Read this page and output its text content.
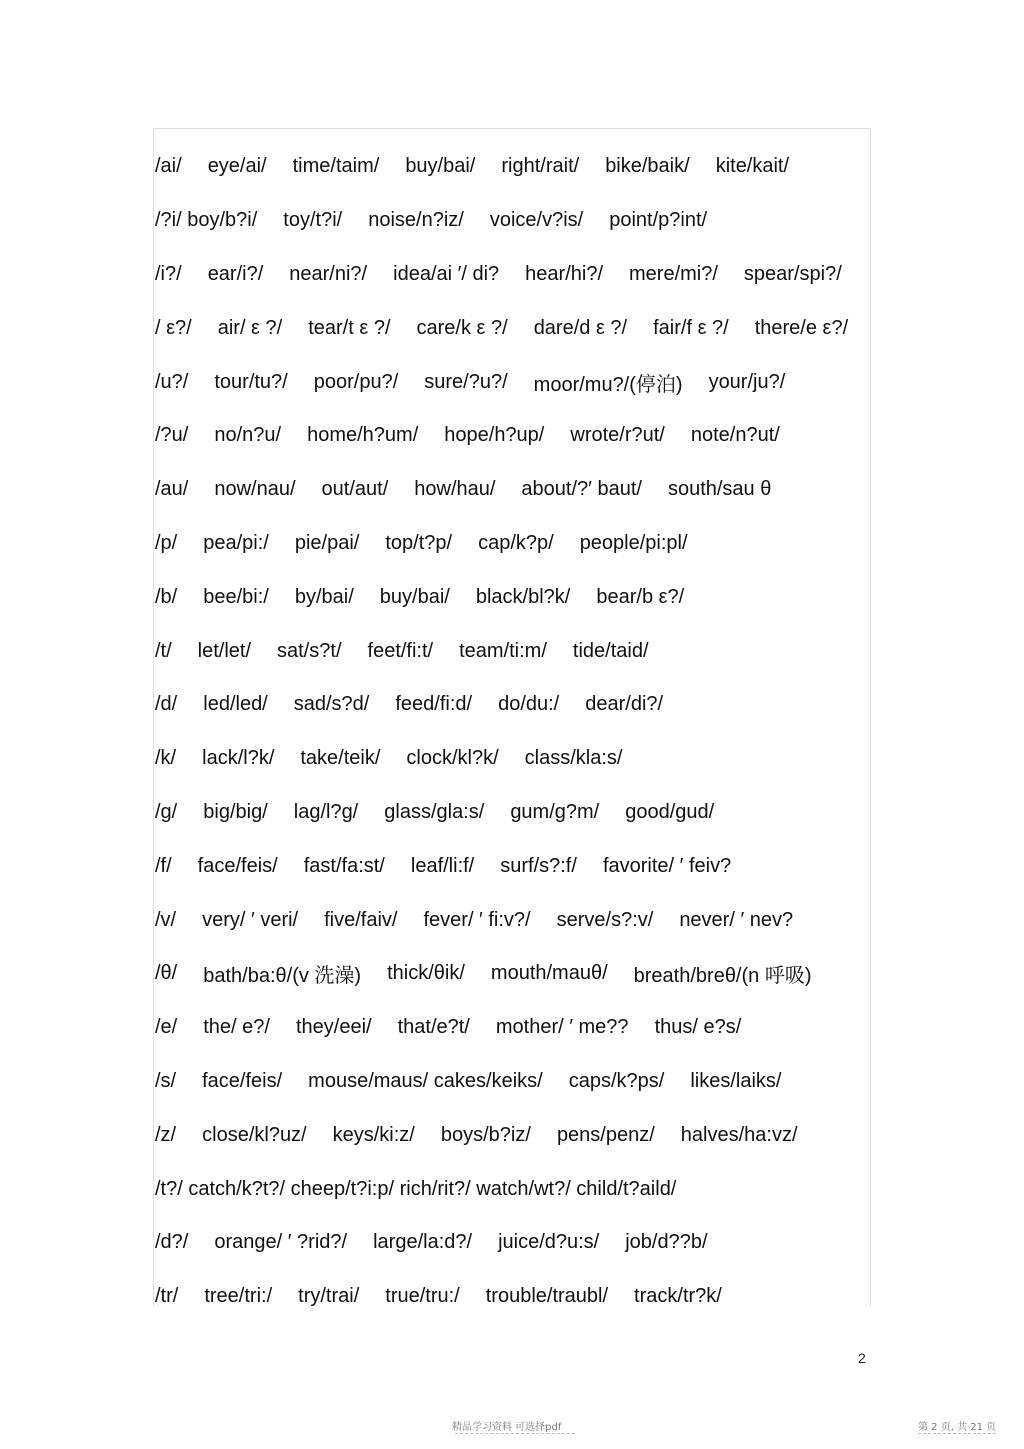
/ai/ eye/ai/ time/taim/ buy/bai/ right/rait/ bike/baik/ kite/kait/
/?i/ boy/b?i/ toy/t?i/ noise/n?iz/ voice/v?is/ point/p?int/
/i?/ ear/i?/ near/ni?/ idea/ai ′/ di? hear/hi?/ mere/mi?/ spear/spi?/
/ ε?/ air/ ε ?/ tear/t ε ?/ care/k ε ?/ dare/d ε ?/ fair/f ε ?/ there/e ε?/
/u?/ tour/tu?/ poor/pu?/ sure/?u?/ moor/mu?/(停泊) your/ju?/
/?u/ no/n?u/ home/h?um/ hope/h?up/ wrote/r?ut/ note/n?ut/
/au/ now/nau/ out/aut/ how/hau/ about/?′ baut/ south/sau θ
/p/ pea/pi:/ pie/pai/ top/t?p/ cap/k?p/ people/pi:pl/
/b/ bee/bi:/ by/bai/ buy/bai/ black/bl?k/ bear/b ε?/
/t/ let/let/ sat/s?t/ feet/fi:t/ team/ti:m/ tide/taid/
/d/ led/led/ sad/s?d/ feed/fi:d/ do/du:/ dear/di?/
/k/ lack/l?k/ take/teik/ clock/kl?k/ class/kla:s/
/g/ big/big/ lag/l?g/ glass/gla:s/ gum/g?m/ good/gud/
/f/ face/feis/ fast/fa:st/ leaf/li:f/ surf/s?:f/ favorite/ ′ feiv?
/v/ very/ ′ veri/ five/faiv/ fever/ ′ fi:v?/ serve/s?:v/ never/ ′ nev?
/θ/ bath/ba:θ/(v 洗澡) thick/θik/ mouth/mauθ/ breath/breθ/(n 呼吸)
/e/ the/ e?/ they/eei/ that/e?t/ mother/ ′ me?? thus/ e?s/
/s/ face/feis/ mouse/maus/ cakes/keiks/ caps/k?ps/ likes/laiks/
/z/ close/kl?uz/ keys/ki:z/ boys/b?iz/ pens/penz/ halves/ha:vz/
/t?/ catch/k?t?/ cheep/t?i:p/ rich/rit?/ watch/wt?/ child/t?aild/
/d?/ orange/ ′ ?rid?/ large/la:d?/ juice/d?u:s/ job/d??b/
/tr/ tree/tri:/ try/trai/ true/tru:/ trouble/traubl/ track/tr?k/
2
精品学习资料 可选择pdf	第 2 页, 共 21 页
